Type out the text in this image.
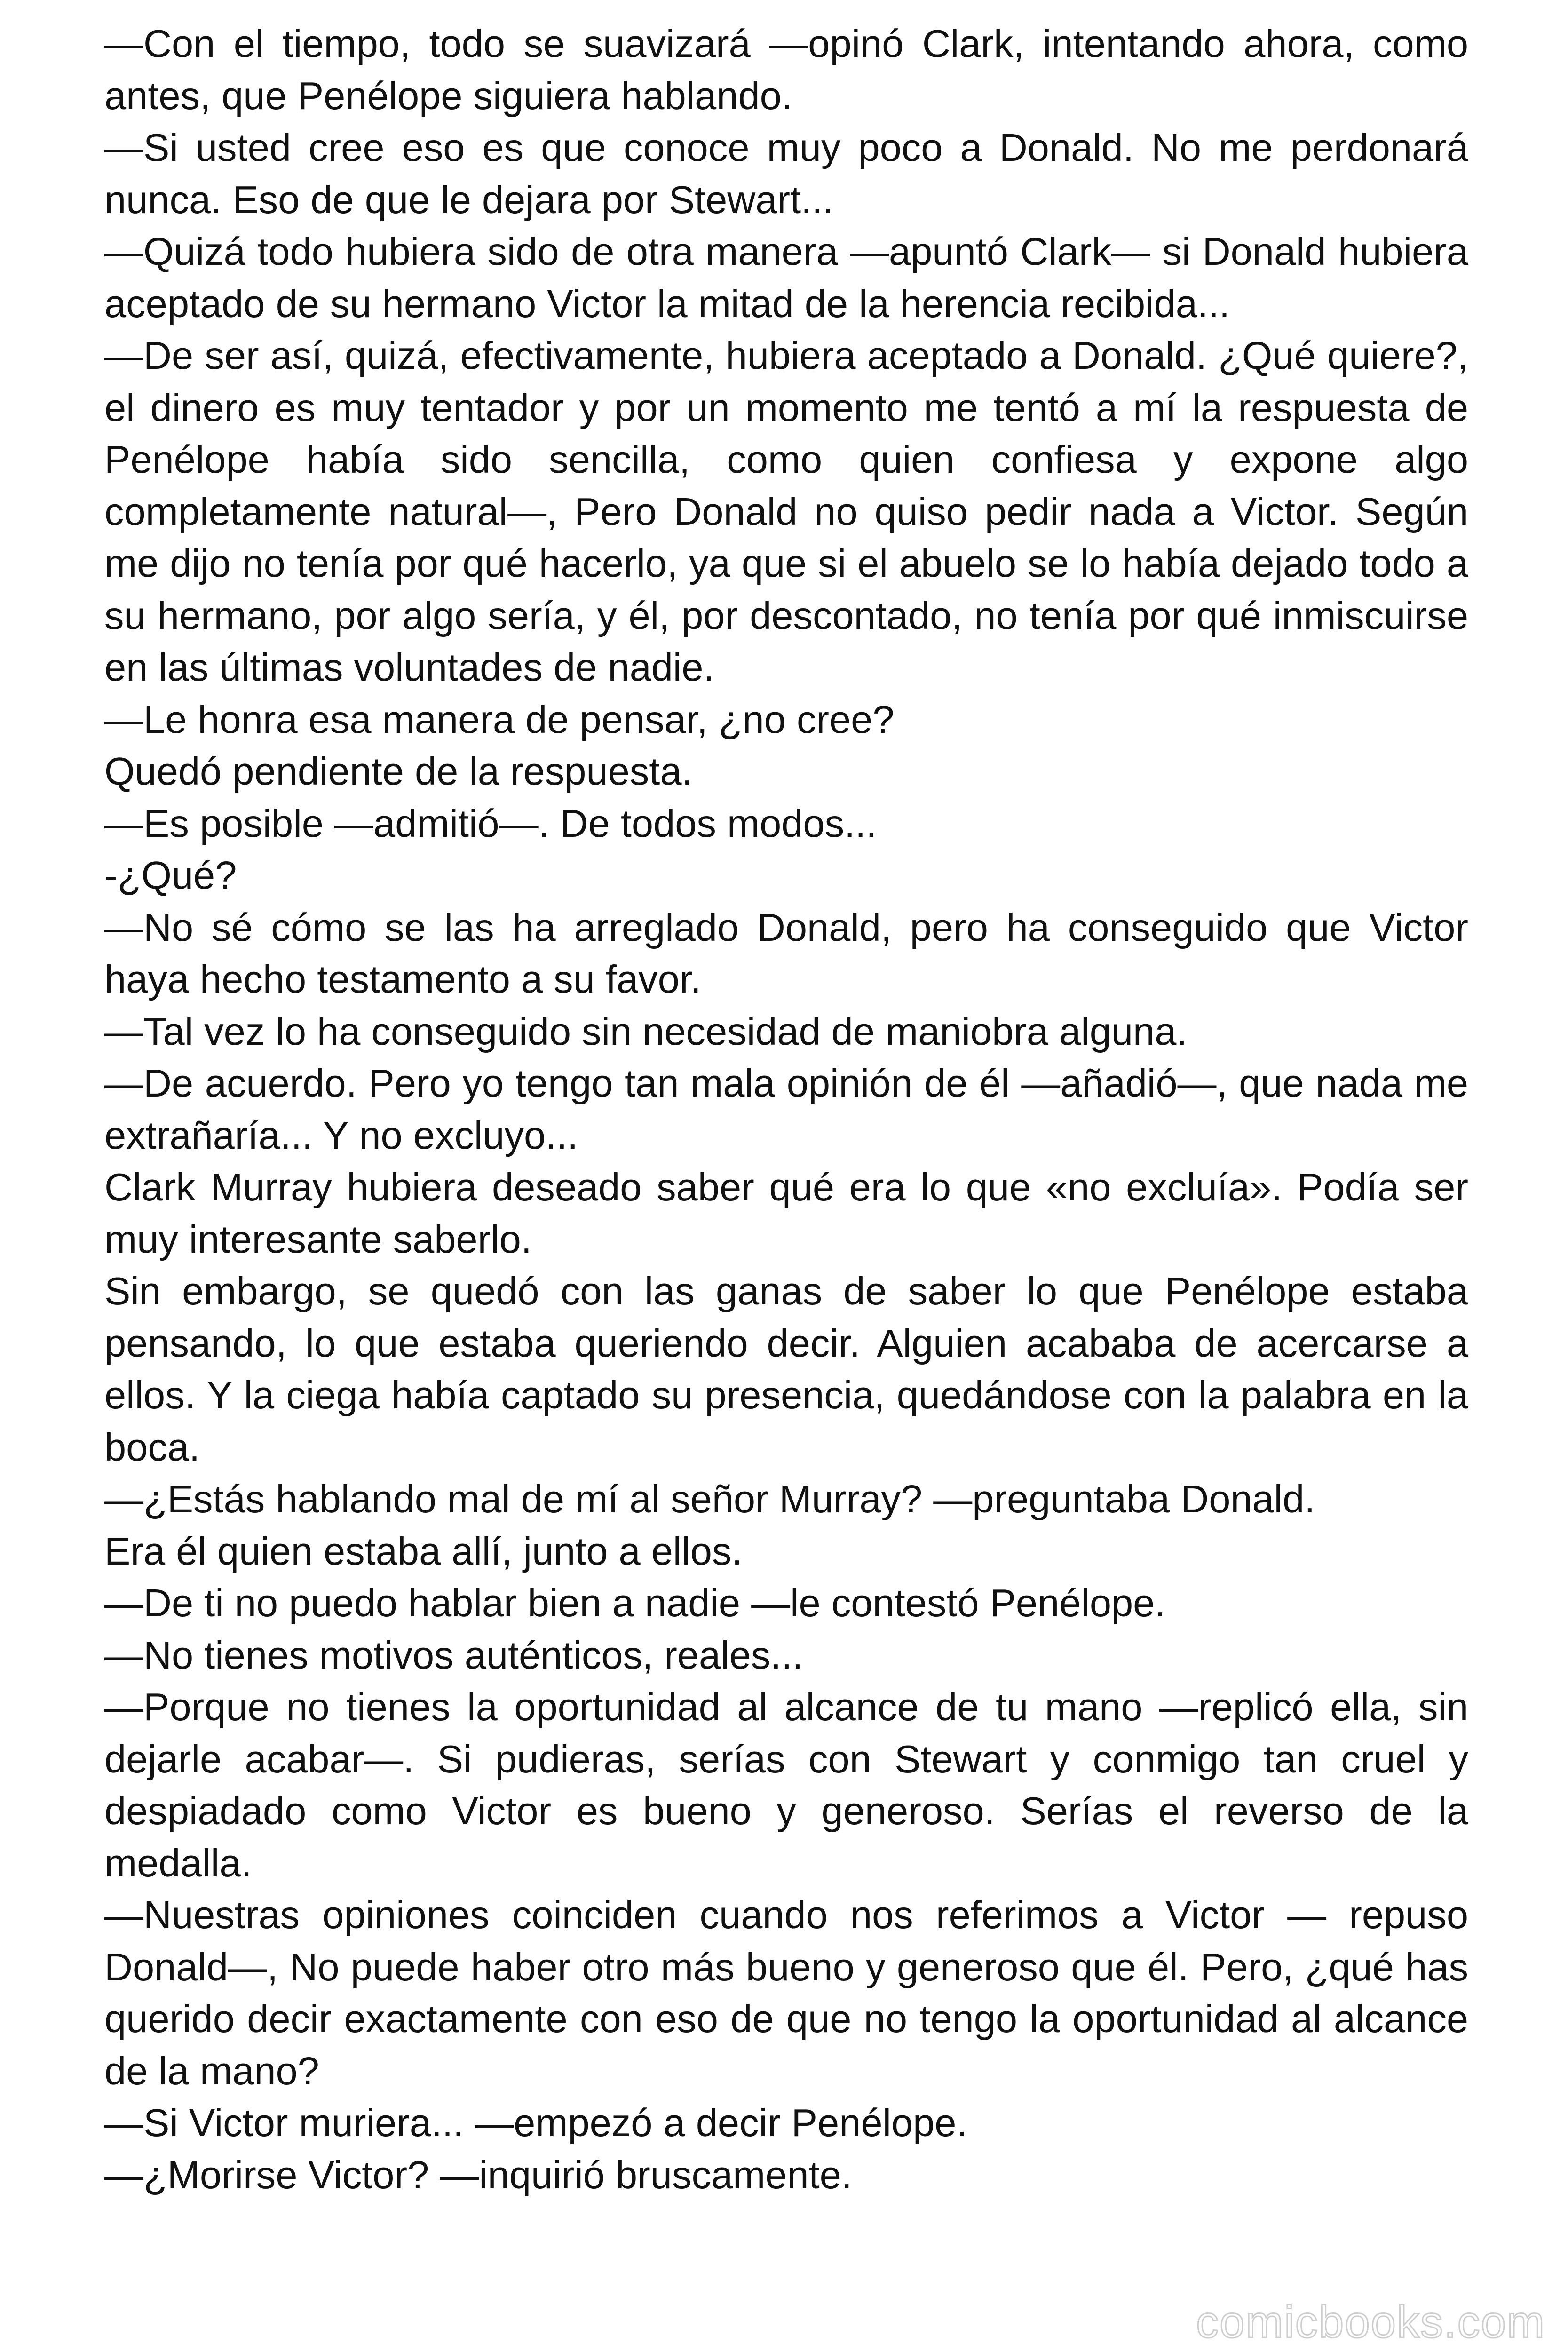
—Con el tiempo, todo se suavizará —opinó Clark, intentando ahora, como antes, que Penélope siguiera hablando.

—Si usted cree eso es que conoce muy poco a Donald. No me perdonará nunca. Eso de que le dejara por Stewart...

—Quizá todo hubiera sido de otra manera —apuntó Clark— si Donald hubiera aceptado de su hermano Victor la mitad de la herencia recibida...

—De ser así, quizá, efectivamente, hubiera aceptado a Donald. ¿Qué quiere?, el dinero es muy tentador y por un momento me tentó a mí la respuesta de Penélope había sido sencilla, como quien confiesa y expone algo completamente natural—, Pero Donald no quiso pedir nada a Victor. Según me dijo no tenía por qué hacerlo, ya que si el abuelo se lo había dejado todo a su hermano, por algo sería, y él, por descontado, no tenía por qué inmiscuirse en las últimas voluntades de nadie.

—Le honra esa manera de pensar, ¿no cree?

Quedó pendiente de la respuesta.

—Es posible —admitió—. De todos modos...

-¿Qué?

—No sé cómo se las ha arreglado Donald, pero ha conseguido que Victor haya hecho testamento a su favor.

—Tal vez lo ha conseguido sin necesidad de maniobra alguna.

—De acuerdo. Pero yo tengo tan mala opinión de él —añadió—, que nada me extrañaría... Y no excluyo...

Clark Murray hubiera deseado saber qué era lo que «no excluía». Podía ser muy interesante saberlo.

Sin embargo, se quedó con las ganas de saber lo que Penélope estaba pensando, lo que estaba queriendo decir. Alguien acababa de acercarse a ellos. Y la ciega había captado su presencia, quedándose con la palabra en la boca.

—¿Estás hablando mal de mí al señor Murray? —preguntaba Donald.

Era él quien estaba allí, junto a ellos.

—De ti no puedo hablar bien a nadie —le contestó Penélope.

—No tienes motivos auténticos, reales...

—Porque no tienes la oportunidad al alcance de tu mano —replicó ella, sin dejarle acabar—. Si pudieras, serías con Stewart y conmigo tan cruel y despiadado como Victor es bueno y generoso. Serías el reverso de la medalla.

—Nuestras opiniones coinciden cuando nos referimos a Victor — repuso Donald—, No puede haber otro más bueno y generoso que él. Pero, ¿qué has querido decir exactamente con eso de que no tengo la oportunidad al alcance de la mano?

—Si Victor muriera... —empezó a decir Penélope.

—¿Morirse Victor? —inquirió bruscamente.

comicbooks.com
